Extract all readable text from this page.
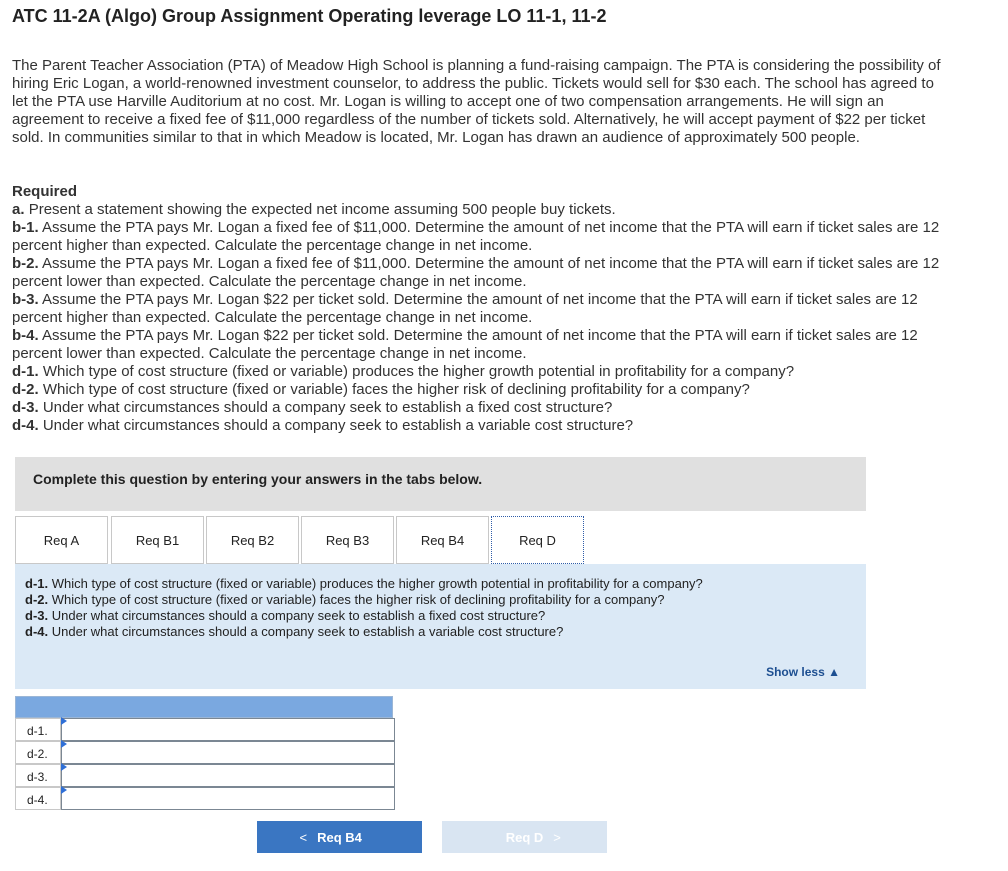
ATC 11-2A (Algo) Group Assignment Operating leverage LO 11-1, 11-2
The Parent Teacher Association (PTA) of Meadow High School is planning a fund-raising campaign. The PTA is considering the possibility of hiring Eric Logan, a world-renowned investment counselor, to address the public. Tickets would sell for $30 each. The school has agreed to let the PTA use Harville Auditorium at no cost. Mr. Logan is willing to accept one of two compensation arrangements. He will sign an agreement to receive a fixed fee of $11,000 regardless of the number of tickets sold. Alternatively, he will accept payment of $22 per ticket sold. In communities similar to that in which Meadow is located, Mr. Logan has drawn an audience of approximately 500 people.
Required
a. Present a statement showing the expected net income assuming 500 people buy tickets.
b-1. Assume the PTA pays Mr. Logan a fixed fee of $11,000. Determine the amount of net income that the PTA will earn if ticket sales are 12 percent higher than expected. Calculate the percentage change in net income.
b-2. Assume the PTA pays Mr. Logan a fixed fee of $11,000. Determine the amount of net income that the PTA will earn if ticket sales are 12 percent lower than expected. Calculate the percentage change in net income.
b-3. Assume the PTA pays Mr. Logan $22 per ticket sold. Determine the amount of net income that the PTA will earn if ticket sales are 12 percent higher than expected. Calculate the percentage change in net income.
b-4. Assume the PTA pays Mr. Logan $22 per ticket sold. Determine the amount of net income that the PTA will earn if ticket sales are 12 percent lower than expected. Calculate the percentage change in net income.
d-1. Which type of cost structure (fixed or variable) produces the higher growth potential in profitability for a company?
d-2. Which type of cost structure (fixed or variable) faces the higher risk of declining profitability for a company?
d-3. Under what circumstances should a company seek to establish a fixed cost structure?
d-4. Under what circumstances should a company seek to establish a variable cost structure?
Complete this question by entering your answers in the tabs below.
Req A	Req B1	Req B2	Req B3	Req B4	Req D
d-1. Which type of cost structure (fixed or variable) produces the higher growth potential in profitability for a company?
d-2. Which type of cost structure (fixed or variable) faces the higher risk of declining profitability for a company?
d-3. Under what circumstances should a company seek to establish a fixed cost structure?
d-4. Under what circumstances should a company seek to establish a variable cost structure?
Show less ▲
d-1.
d-2.
d-3.
d-4.
< Req B4	Req D >
